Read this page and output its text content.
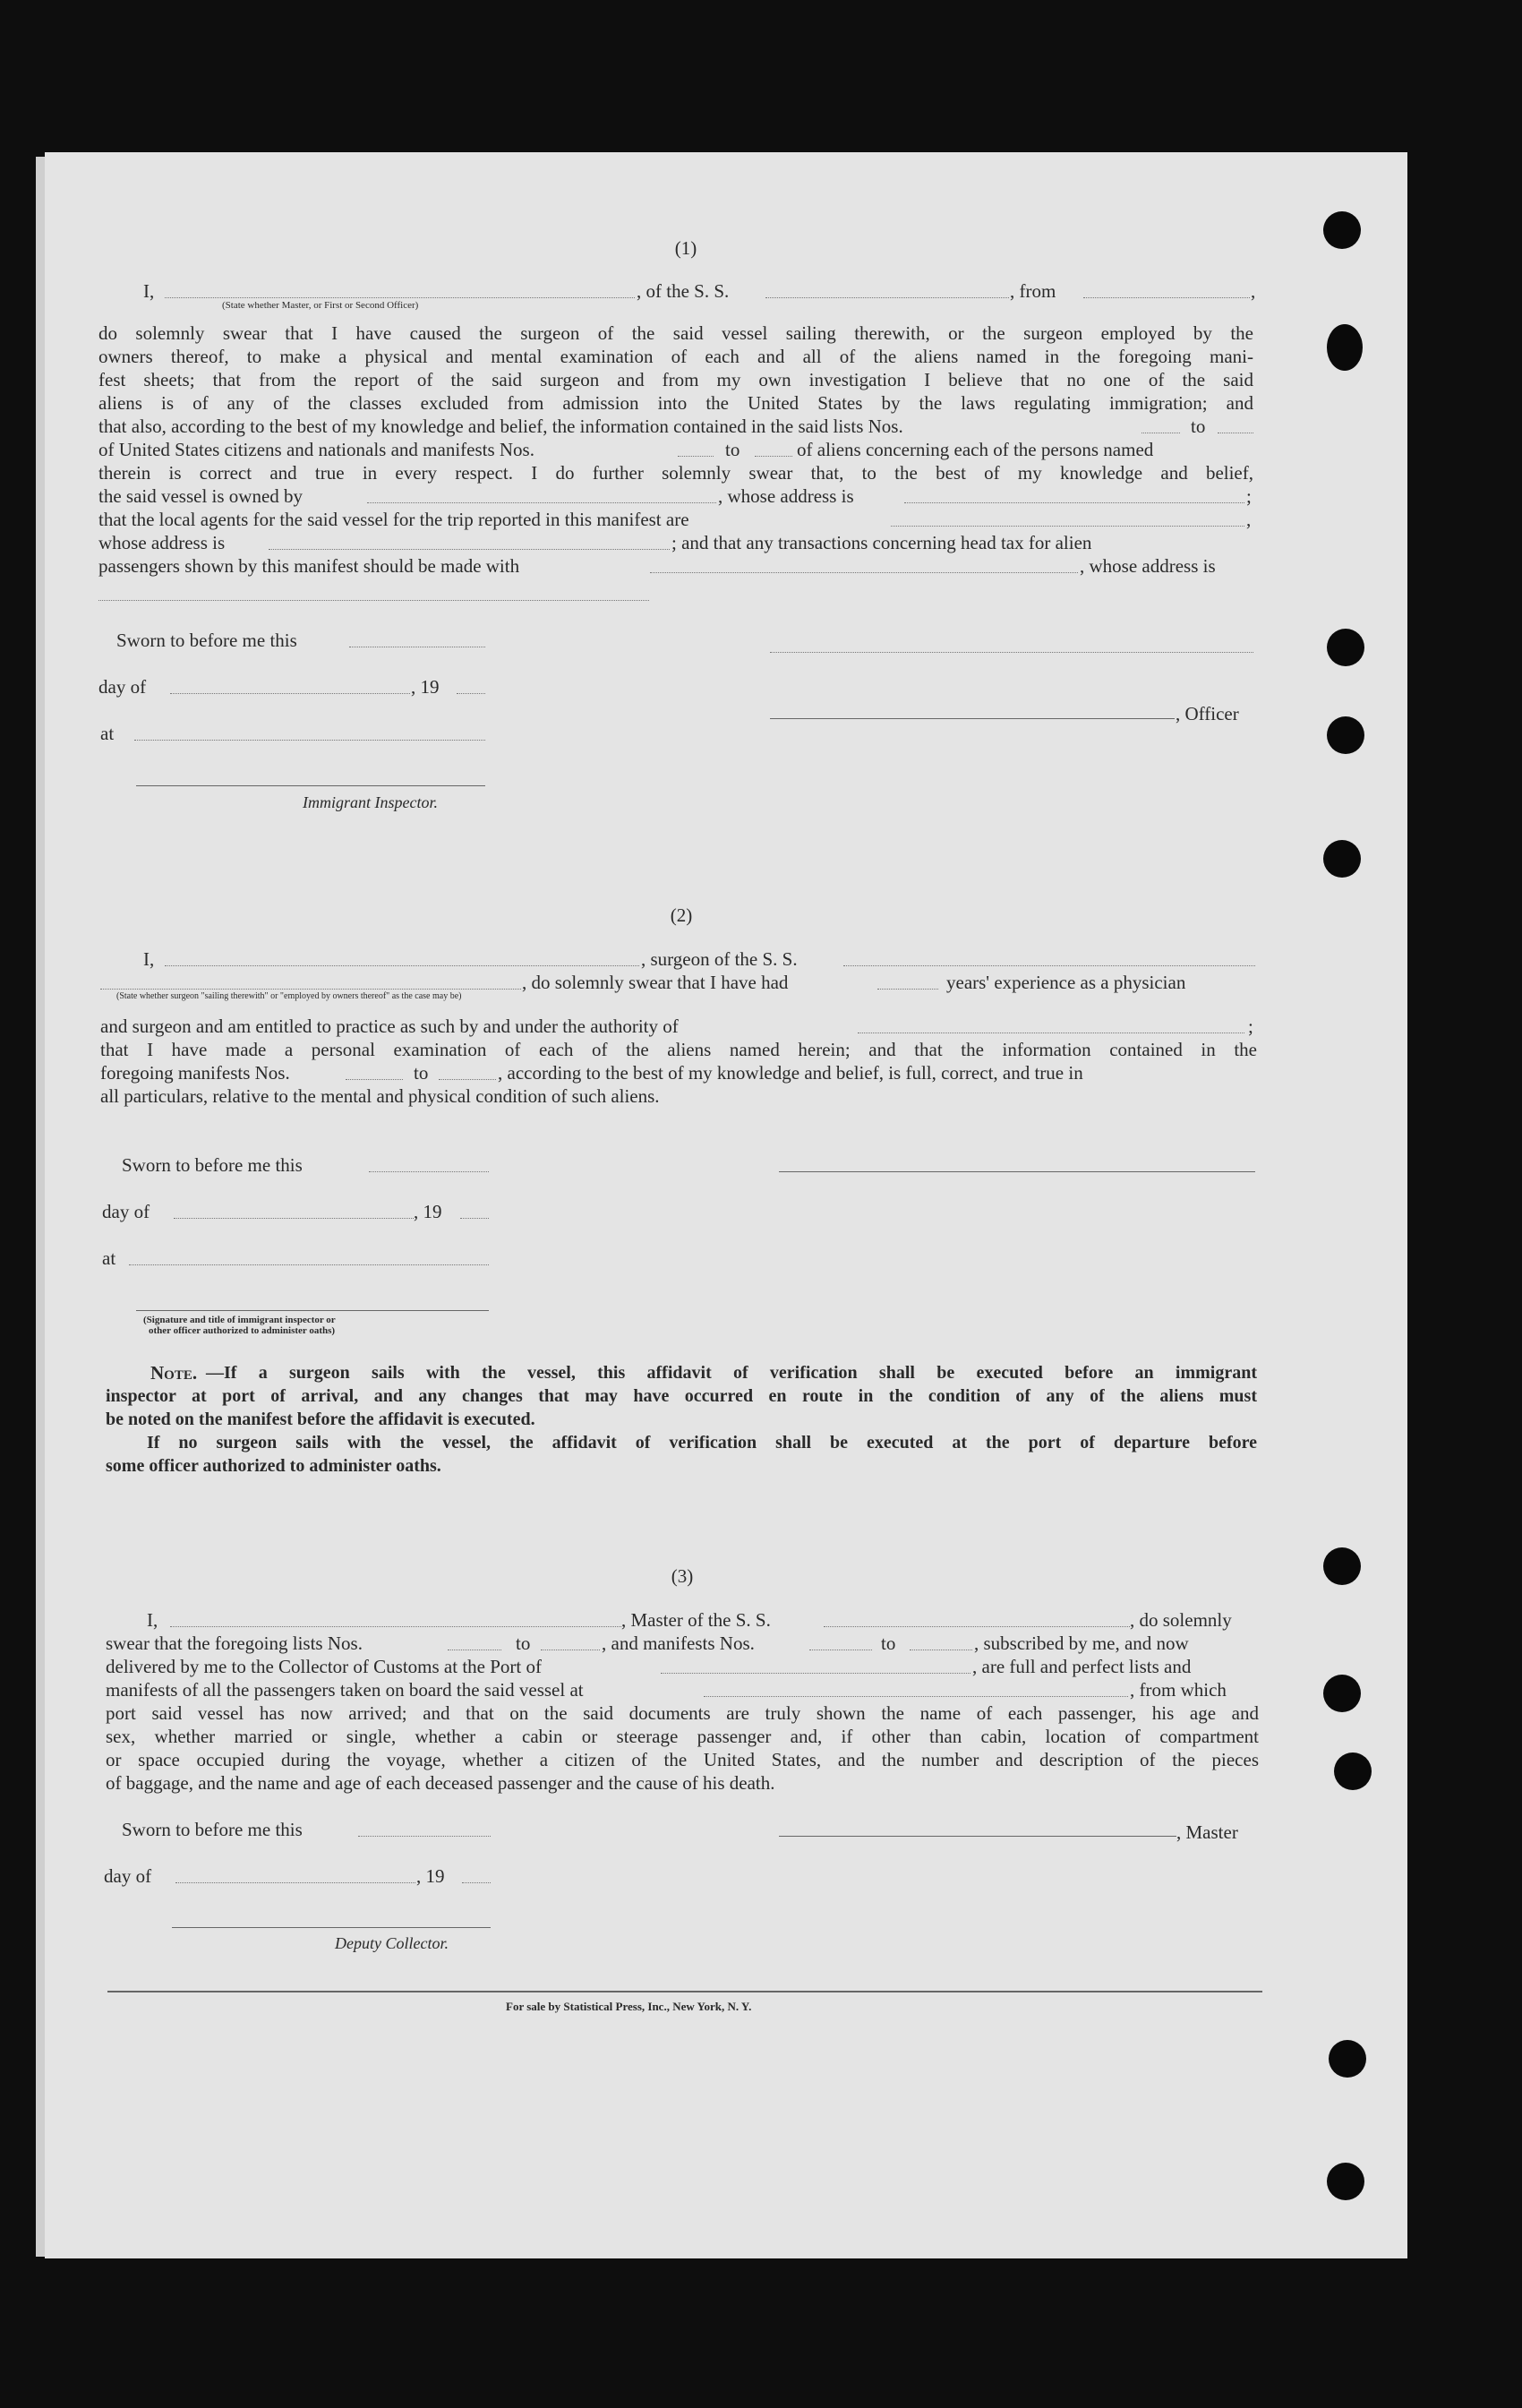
(1)
I,	, of the S. S.	, from	,
(State whether Master, or First or Second Officer)
do solemnly swear that I have caused the surgeon of the said vessel sailing therewith, or the surgeon employed by the
owners thereof, to make a physical and mental examination of each and all of the aliens named in the foregoing mani-
fest sheets; that from the report of the said surgeon and from my own investigation I believe that no one of the said
aliens is of any of the classes excluded from admission into the United States by the laws regulating immigration; and
that also, according to the best of my knowledge and belief, the information contained in the said lists Nos.	to
of United States citizens and nationals and manifests Nos.	to	of aliens concerning each of the persons named
therein is correct and true in every respect. I do further solemnly swear that, to the best of my knowledge and belief,
the said vessel is owned by	, whose address is	;
that the local agents for the said vessel for the trip reported in this manifest are	,
whose address is	; and that any transactions concerning head tax for alien
passengers shown by this manifest should be made with	, whose address is
Sworn to before me this
day of	, 19
, Officer
at
Immigrant Inspector.
(2)
I,	, surgeon of the S. S.
, do solemnly swear that I have had	years' experience as a physician
(State whether surgeon "sailing therewith" or "employed by owners thereof" as the case may be)
and surgeon and am entitled to practice as such by and under the authority of	;
that I have made a personal examination of each of the aliens named herein; and that the information contained in the
foregoing manifests Nos.	to	, according to the best of my knowledge and belief, is full, correct, and true in
all particulars, relative to the mental and physical condition of such aliens.
Sworn to before me this
day of	, 19
at
(Signature and title of immigrant inspector or
other officer authorized to administer oaths)
Note. —If a surgeon sails with the vessel, this affidavit of verification shall be executed before an immigrant
inspector at port of arrival, and any changes that may have occurred en route in the condition of any of the aliens must
be noted on the manifest before the affidavit is executed.
If no surgeon sails with the vessel, the affidavit of verification shall be executed at the port of departure before
some officer authorized to administer oaths.
(3)
I,	, Master of the S. S.	, do solemnly
swear that the foregoing lists Nos.	to	, and manifests Nos.	to	, subscribed by me, and now
delivered by me to the Collector of Customs at the Port of	, are full and perfect lists and
manifests of all the passengers taken on board the said vessel at	, from which
port said vessel has now arrived; and that on the said documents are truly shown the name of each passenger, his age and
sex, whether married or single, whether a cabin or steerage passenger and, if other than cabin, location of compartment
or space occupied during the voyage, whether a citizen of the United States, and the number and description of the pieces
of baggage, and the name and age of each deceased passenger and the cause of his death.
Sworn to before me this	, Master
day of	, 19
Deputy Collector.
For sale by Statistical Press, Inc., New York, N. Y.
